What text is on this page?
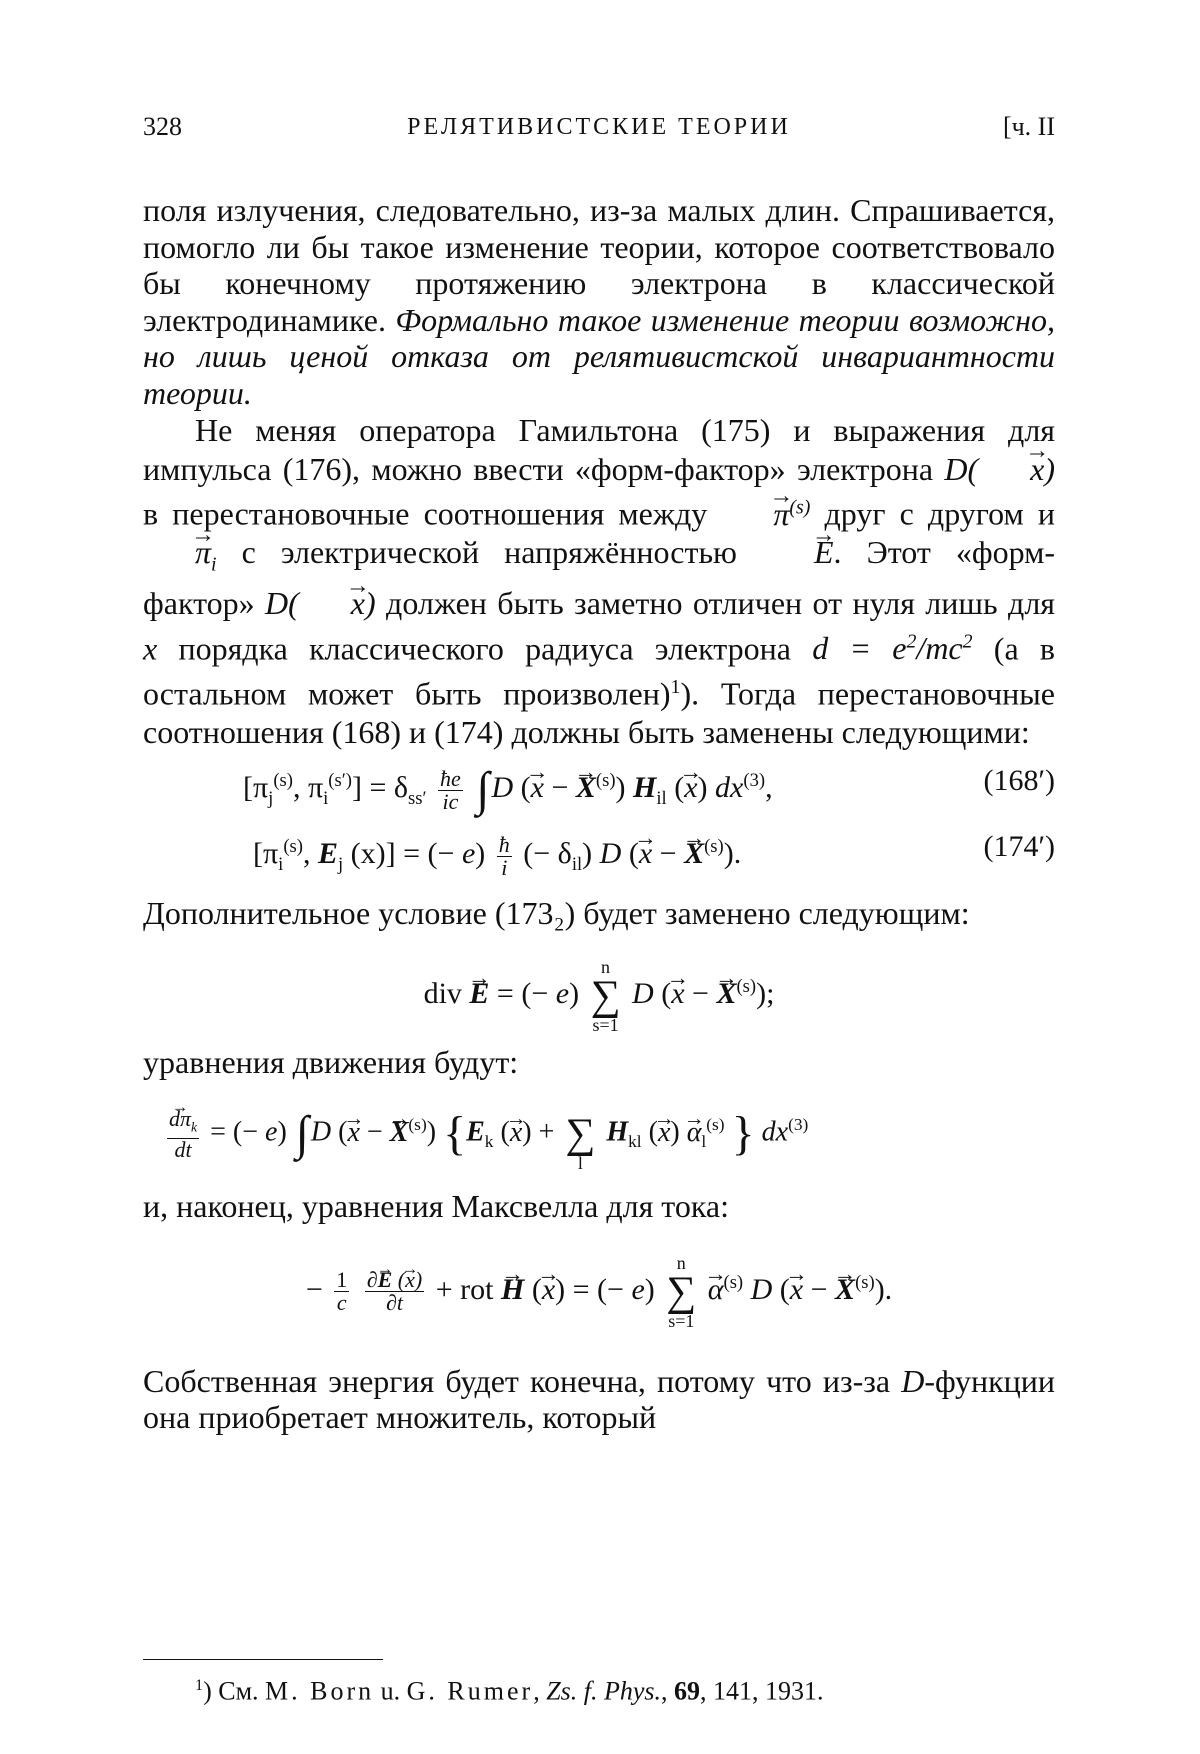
328	РЕЛЯТИВИСТСКИЕ ТЕОРИИ	[ч. II

поля излучения, следовательно, из-за малых длин. Спрашивается, помогло ли бы такое изменение теории, которое соответствовало бы конечному протяжению электрона в классической электродинамике. Формально такое изменение теории возможно, но лишь ценой отказа от релятивистской инвариантности теории.

Не меняя оператора Гамильтона (175) и выражения для импульса (176), можно ввести «форм-фактор» электрона D( → x) в перестановочные соотношения между → $\pi^{(s)}$ друг с другом $и \to \pi_i$ с электрической напряжённостью → E. Этот «форм-фактор» D( → x) должен быть заметно отличен от нуля лишь для x порядка классического радиуса электрона $d = e^2/mc^2$ (а в остальном может быть произволен)$^1$). Тогда перестановочные соотношения (168) и (174) должны быть заменены следующими:

[$\pi_j^{(s)}$, $\pi_i^{(s')}] = \delta_{ss'} \frac{ħe}{ic} \int D$ (→ x − → $X^{(s)}$) $H_{il}$ (→ x) $dx^{(3)}$,	(168′)
[$\pi_i^{(s)}$, $E_j$ (x)] = (− $e) \frac{ħ}{i}$ (− $\delta_{il}$) D (→ x − → $X^{(s)}$).	(174′)

Дополнительное условие (173₂) будет заменено следующим:

div → E = (− e) n
∑
s=1 D (→ x − → $X^{(s)}$);

уравнения движения будут:

→ $\frac{d\pi_k}{dt}$ = (− e) ∫D (→ x − → $X^{(s)}$) {$E_k$ (→ x) + ∑
l $H_{kl}$ (→ $x) \to \alpha_l^{(s)}$ } $dx^{(3)}$

и, наконец, уравнения Максвелла для тока:

− $\frac{1}{c}$
$\frac{\partial\to E (\to x)}{\partial t}$ + rot → H (→ x) = (− e) n
∑
$s=1 \to \alpha^{(s)}$ D (→ x − → $X^{(s)}$).

Собственная энергия будет конечна, потому что из-за D-функции она приобретает множитель, который

$^1$) См. M. Born u. G. Rumer, Zs. f. Phys., 69, 141, 1931.
